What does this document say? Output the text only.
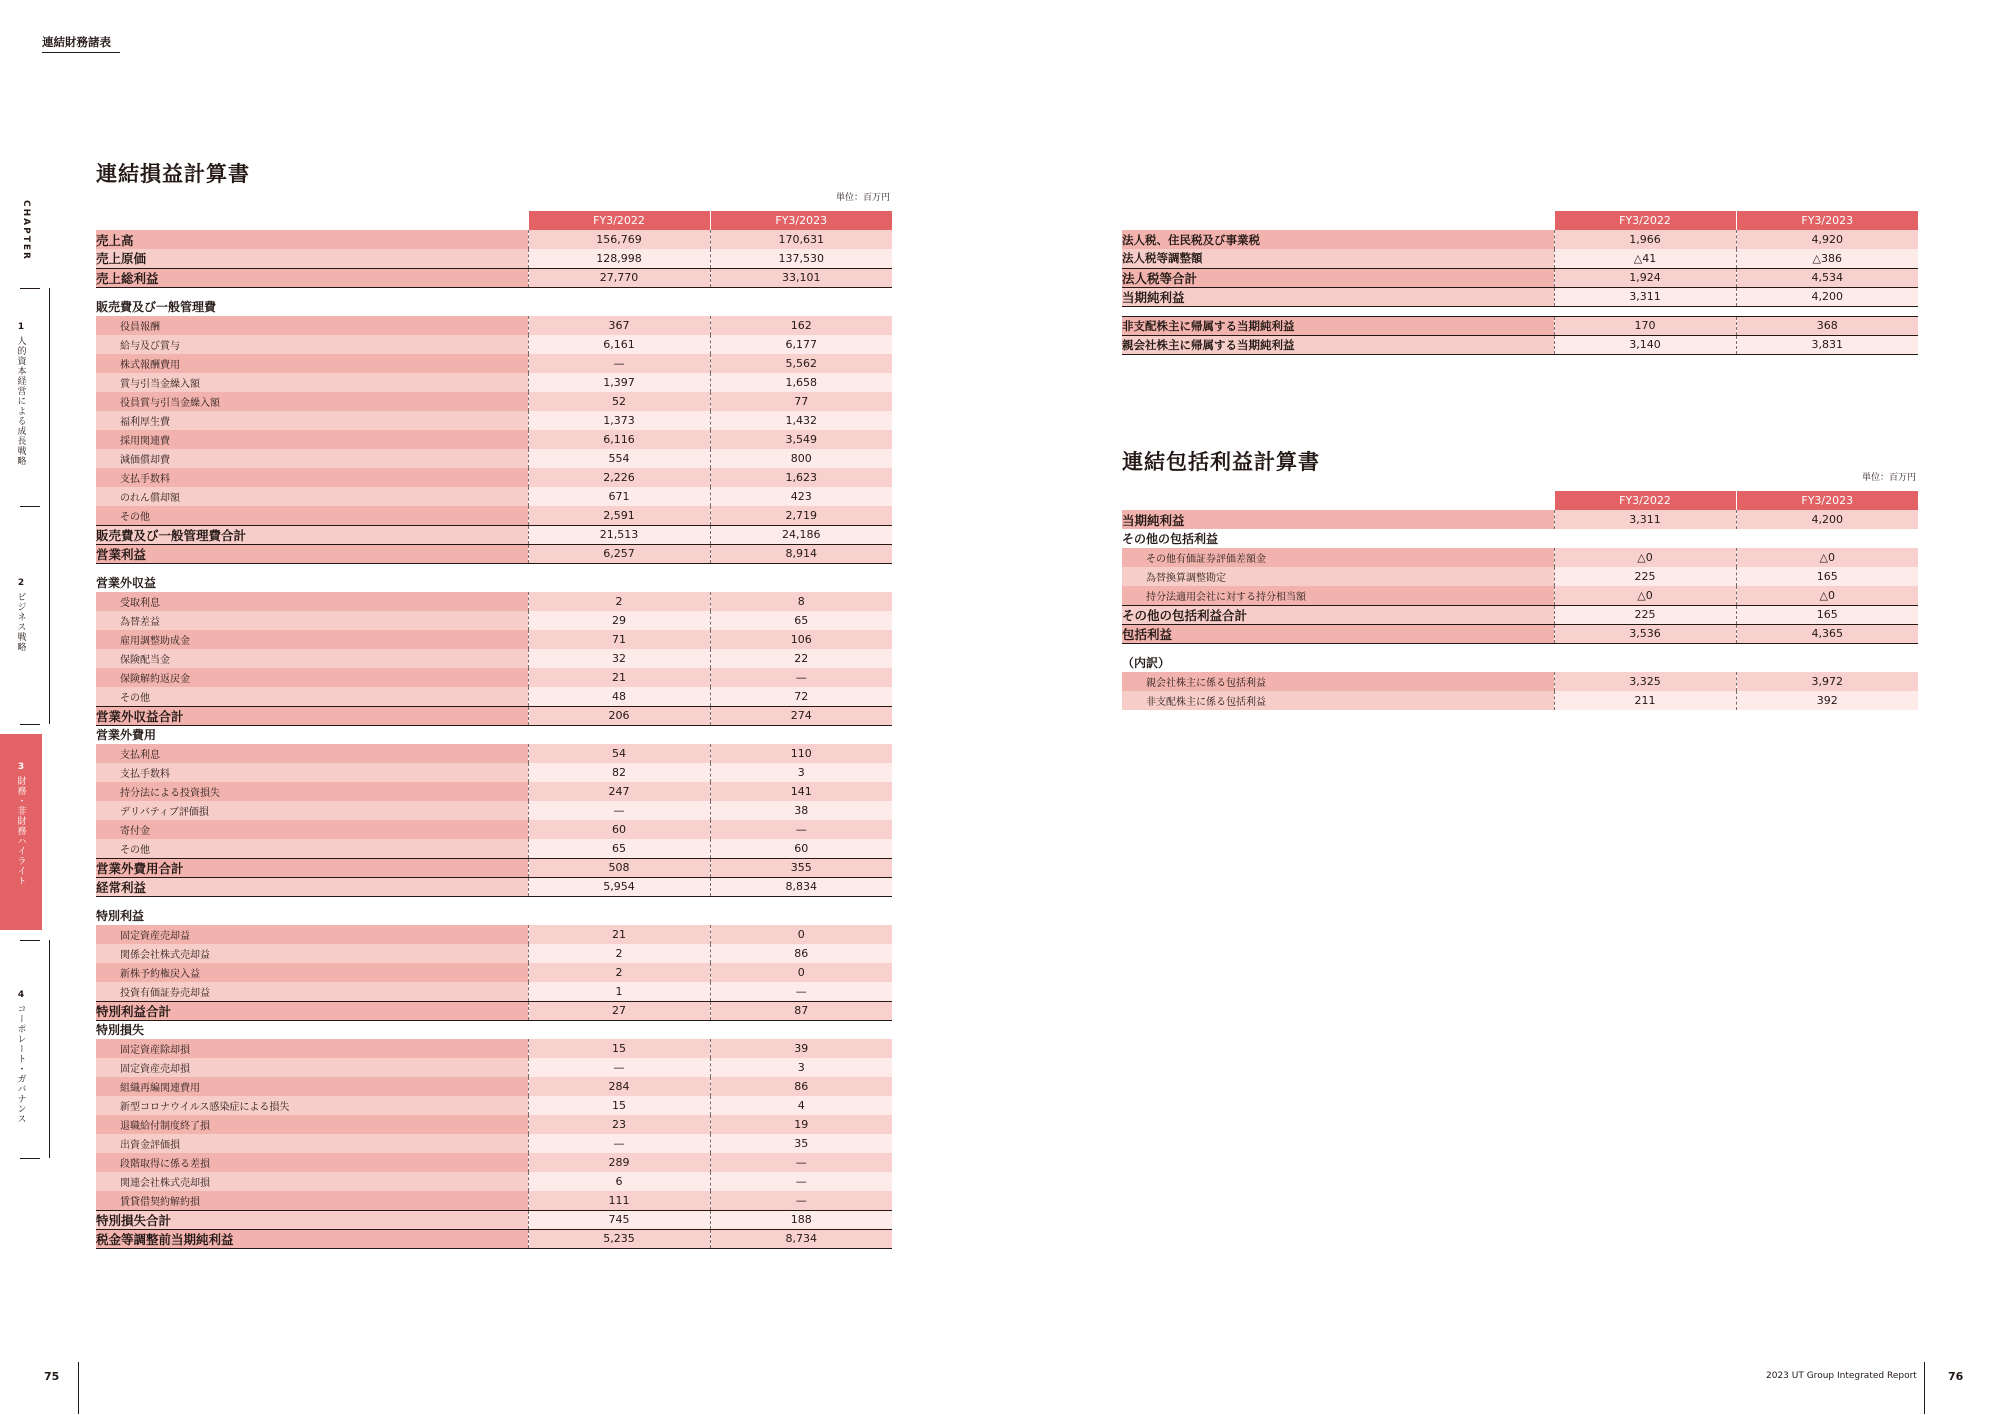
連結財務諸表
CHAPTER
1
人的資本経営による成長戦略
2
ビジネス戦略
3
財務・非財務ハイライト
4
コーポレート・ガバナンス
連結損益計算書
単位：百万円
	FY3/2022	FY3/2023
売上高	156,769	170,631
売上原価	128,998	137,530
売上総利益	27,770	33,101

販売費及び一般管理費		
役員報酬	367	162
給与及び賞与	6,161	6,177
株式報酬費用	—	5,562
賞与引当金繰入額	1,397	1,658
役員賞与引当金繰入額	52	77
福利厚生費	1,373	1,432
採用関連費	6,116	3,549
減価償却費	554	800
支払手数料	2,226	1,623
のれん償却額	671	423
その他	2,591	2,719
販売費及び一般管理費合計	21,513	24,186
営業利益	6,257	8,914

営業外収益		
受取利息	2	8
為替差益	29	65
雇用調整助成金	71	106
保険配当金	32	22
保険解約返戻金	21	—
その他	48	72
営業外収益合計	206	274
営業外費用		
支払利息	54	110
支払手数料	82	3
持分法による投資損失	247	141
デリバティブ評価損	—	38
寄付金	60	—
その他	65	60
営業外費用合計	508	355
経常利益	5,954	8,834

特別利益		
固定資産売却益	21	0
関係会社株式売却益	2	86
新株予約権戻入益	2	0
投資有価証券売却益	1	—
特別利益合計	27	87
特別損失		
固定資産除却損	15	39
固定資産売却損	—	3
組織再編関連費用	284	86
新型コロナウイルス感染症による損失	15	4
退職給付制度終了損	23	19
出資金評価損	—	35
段階取得に係る差損	289	—
関連会社株式売却損	6	—
賃貸借契約解約損	111	—
特別損失合計	745	188
税金等調整前当期純利益	5,235	8,734
	FY3/2022	FY3/2023
法人税、住民税及び事業税	1,966	4,920
法人税等調整額	△41	△386
法人税等合計	1,924	4,534
当期純利益	3,311	4,200

非支配株主に帰属する当期純利益	170	368
親会社株主に帰属する当期純利益	3,140	3,831
連結包括利益計算書
単位：百万円
	FY3/2022	FY3/2023
当期純利益	3,311	4,200
その他の包括利益		
その他有価証券評価差額金	△0	△0
為替換算調整勘定	225	165
持分法適用会社に対する持分相当額	△0	△0
その他の包括利益合計	225	165
包括利益	3,536	4,365

（内訳）		
親会社株主に係る包括利益	3,325	3,972
非支配株主に係る包括利益	211	392
75	2023 UT Group Integrated Report	76
